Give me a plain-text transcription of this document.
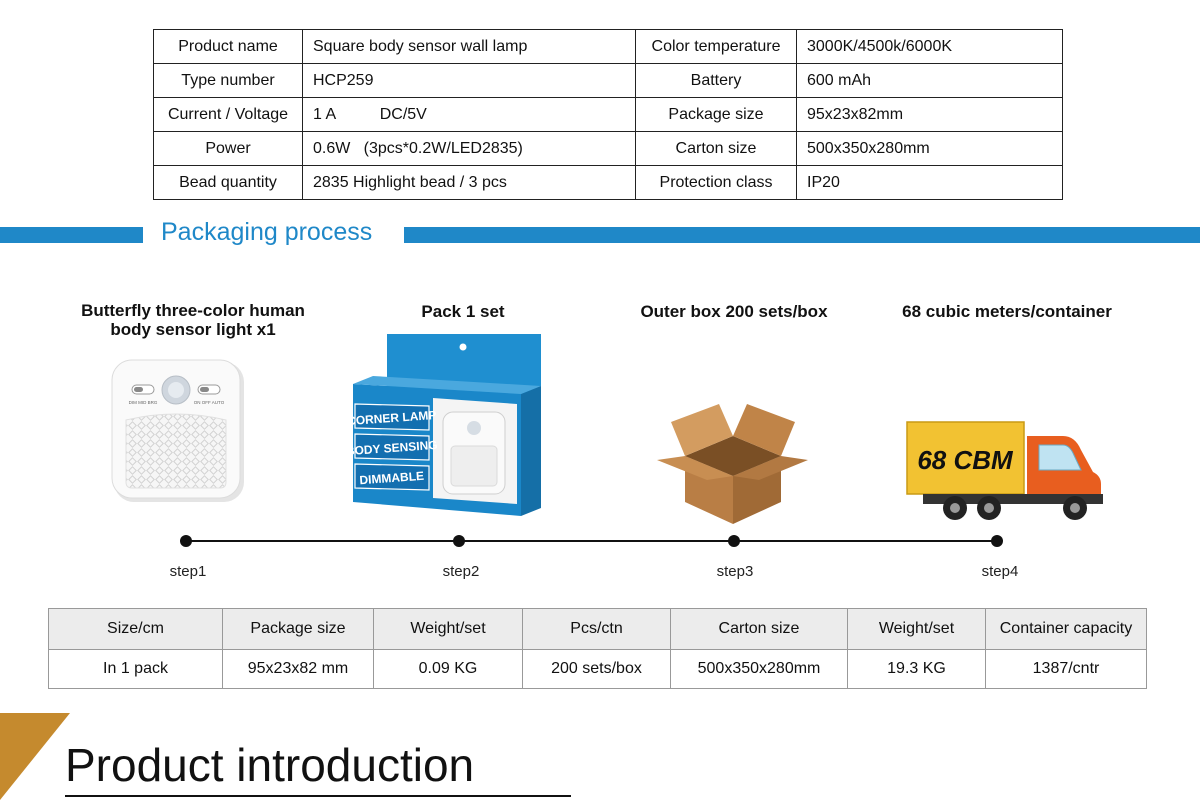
Product name	Square body sensor wall lamp	Color temperature	3000K/4500k/6000K
Type number	HCP259	Battery	600 mAh
Current / Voltage	1 A          DC/5V	Package size	95x23x82mm
Power	0.6W   (3pcs*0.2W/LED2835)	Carton size	500x350x280mm
Bead quantity	2835 Highlight bead / 3 pcs	Protection class	IP20
Packaging process
Butterfly three-color human
body sensor light x1
Pack 1 set	Outer box 200 sets/box	68 cubic meters/container
DIM MID BRG	ON OFF AUTO
CORNER LAMP
BODY SENSING
DIMMABLE
68 CBM
step1	step2	step3	step4
Size/cm	Package size	Weight/set	Pcs/ctn	Carton size	Weight/set	Container capacity
In 1 pack	95x23x82 mm	0.09 KG	200 sets/box	500x350x280mm	19.3 KG	1387/cntr
Product introduction
